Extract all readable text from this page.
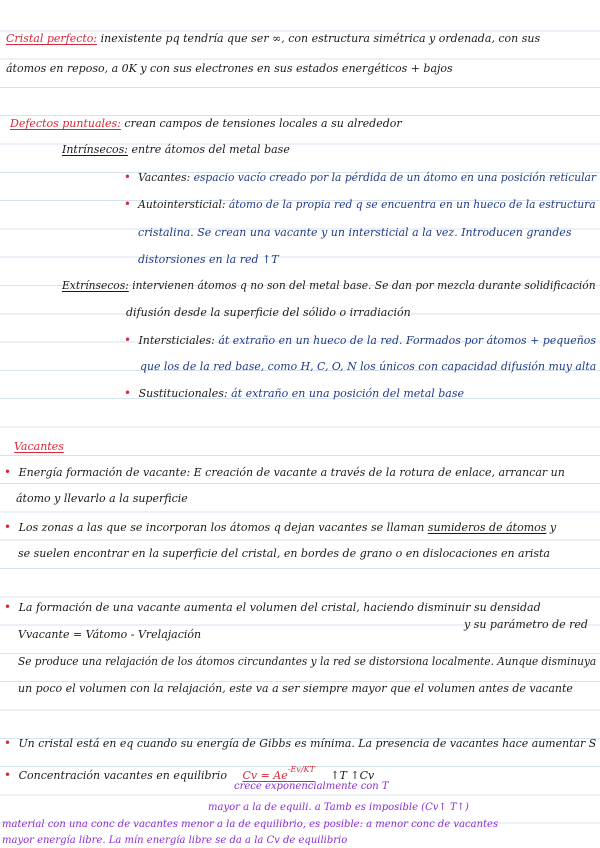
Cristal perfecto: inexistente pq tendría que ser ∞, con estructura simétrica y ordenada, con sus
átomos en reposo, a 0K y con sus electrones en sus estados energéticos + bajos
Defectos puntuales: crean campos de tensiones locales a su alrededor
Intrínsecos: entre átomos del metal base
• Vacantes: espacio vacío creado por la pérdida de un átomo en una posición reticular
• Autointersticial: átomo de la propia red q se encuentra en un hueco de la estructura
cristalina. Se crean una vacante y un intersticial a la vez. Introducen grandes
distorsiones en la red ↑T
Extrínsecos: intervienen átomos q no son del metal base. Se dan por mezcla durante solidificación
difusión desde la superficie del sólido o irradiación
• Intersticiales: át extraño en un hueco de la red. Formados por átomos + pequeños
que los de la red base, como H, C, O, N los únicos con capacidad difusión muy alta
• Sustitucionales: át extraño en una posición del metal base
Vacantes
• Energía formación de vacante: E creación de vacante a través de la rotura de enlace, arrancar un
átomo y llevarlo a la superficie
• Los zonas a las que se incorporan los átomos q dejan vacantes se llaman sumideros de átomos y
se suelen encontrar en la superficie del cristal, en bordes de grano o en dislocaciones en arista
• La formación de una vacante aumenta el volumen del cristal, haciendo disminuir su densidad
y su parámetro de red
Vvacante = Vátomo - Vrelajación
Se produce una relajación de los átomos circundantes y la red se distorsiona localmente. Aunque disminuya
un poco el volumen con la relajación, este va a ser siempre mayor que el volumen antes de vacante
• Un cristal está en eq cuando su energía de Gibbs es mínima. La presencia de vacantes hace aumentar S
• Concentración vacantes en equilibrio $Cv = Ae^{-Ev/KT}$ ↑T ↑Cv
crece exponencialmente con T
mayor a la de equili. a Tamb es imposible (Cv↑ T↑)
material con una conc de vacantes menor a la de equilibrio, es posible: a menor conc de vacantes
mayor energía libre. La mín energía libre se da a la Cv de equilibrio
